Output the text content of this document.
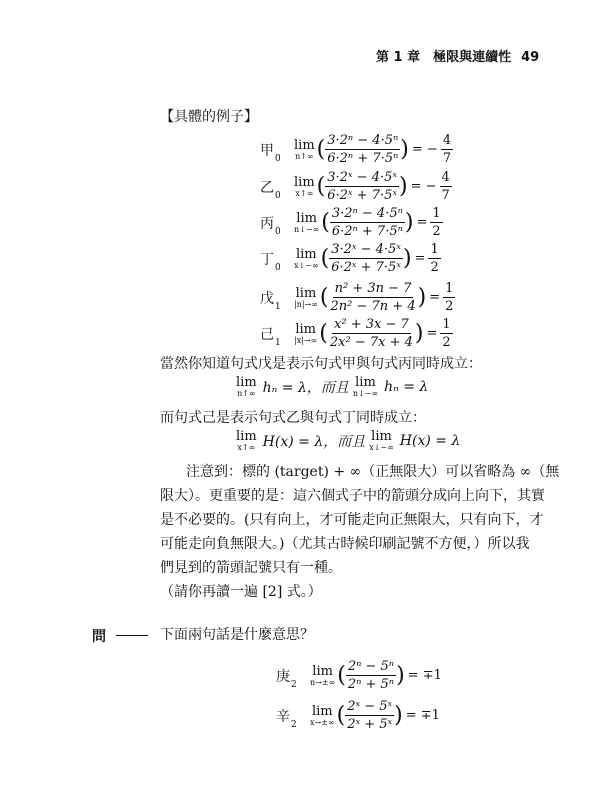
第 1 章　極限與連續性 49
【具體的例子】
甲 0
lim
n↑∞ ( $\frac{\text{3·2ⁿ − 4·5ⁿ}}{\text{6·2ⁿ + 7·5ⁿ}}$ ) = − $\frac{4}{7}$
乙 0
lim
x↑∞ ( $\frac{\text{3·2ˣ − 4·5ˣ}}{\text{6·2ˣ + 7·5ˣ}}$ ) = − $\frac{4}{7}$
丙 0
lim
n↓−∞ ( $\frac{\text{3·2ⁿ − 4·5ⁿ}}{\text{6·2ⁿ + 7·5ⁿ}}$ ) = $\frac{1}{2}$
丁 0
lim
x↓−∞ ( $\frac{\text{3·2ˣ − 4·5ˣ}}{\text{6·2ˣ + 7·5ˣ}}$ ) = $\frac{1}{2}$
戊 1
lim
|n|→∞ ( $\frac{\text{n² + 3n − 7}}{\text{2n² − 7n + 4}}$ ) = $\frac{1}{2}$
己 1
lim
|x|→∞ ( $\frac{\text{x² + 3x − 7}}{\text{2x² − 7x + 4}}$ ) = $\frac{1}{2}$
當然你知道句式戊是表示句式甲與句式丙同時成立：
lim
n↑∞ hₙ = λ，而且 lim
n↓−∞ hₙ = λ
而句式己是表示句式乙與句式丁同時成立：
lim
x↑∞ H(x) = λ，而且 lim
x↓−∞ H(x) = λ
注意到：標的 (target) + ∞（正無限大）可以省略為 ∞（無
限大）。更重要的是：這六個式子中的箭頭分成向上向下，其實
是不必要的。(只有向上，才可能走向正無限大，只有向下，才
可能走向負無限大。)（尤其古時候印刷記號不方便，）所以我
們見到的箭頭記號只有一種。
（請你再讀一遍 [2] 式。）
問	下面兩句話是什麼意思？
庚 2
lim
n→±∞ ( $\frac{\text{2ⁿ − 5ⁿ}}{\text{2ⁿ + 5ⁿ}}$ ) = ∓1
辛 2
lim
x→±∞ ( $\frac{\text{2ˣ − 5ˣ}}{\text{2ˣ + 5ˣ}}$ ) = ∓1
